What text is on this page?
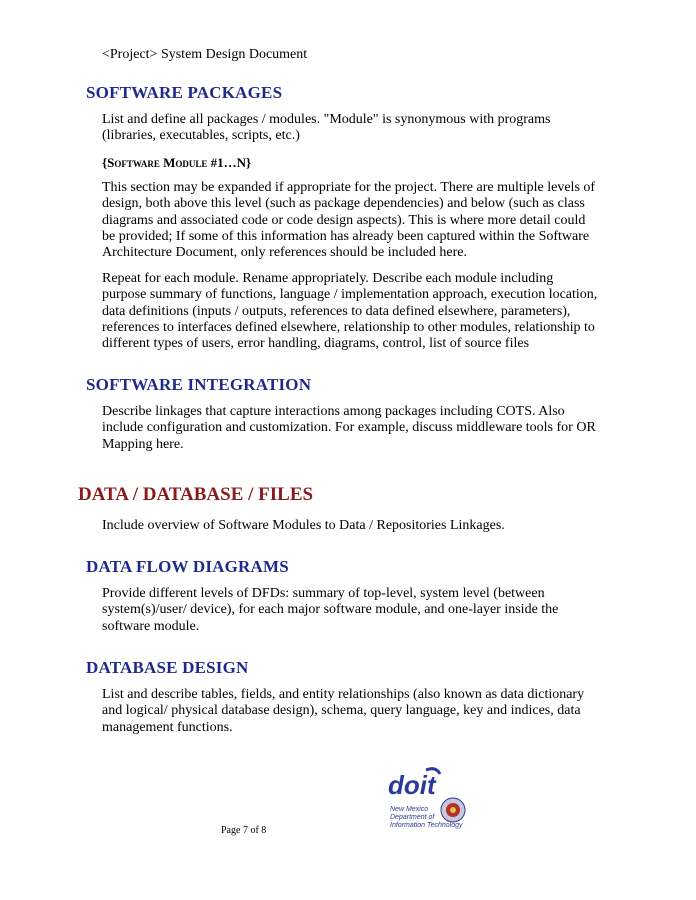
<Project> System Design Document
SOFTWARE PACKAGES

List and define all packages / modules. "Module" is synonymous with programs (libraries, executables, scripts, etc.)

{Software Module #1…N}

This section may be expanded if appropriate for the project. There are multiple levels of design, both above this level (such as package dependencies) and below (such as class diagrams and associated code or code design aspects). This is where more detail could be provided; If some of this information has already been captured within the Software Architecture Document, only references should be included here.

Repeat for each module. Rename appropriately. Describe each module including purpose summary of functions, language / implementation approach, execution location, data definitions (inputs / outputs, references to data defined elsewhere, parameters), references to interfaces defined elsewhere, relationship to other modules, relationship to different types of users, error handling, diagrams, control, list of source files

SOFTWARE INTEGRATION

Describe linkages that capture interactions among packages including COTS. Also include configuration and customization. For example, discuss middleware tools for OR Mapping here.

DATA / DATABASE / FILES

Include overview of Software Modules to Data / Repositories Linkages.

DATA FLOW DIAGRAMS

Provide different levels of DFDs: summary of top-level, system level (between system(s)/user/ device), for each major software module, and one-layer inside the software module.

DATABASE DESIGN

List and describe tables, fields, and entity relationships (also known as data dictionary and logical/ physical database design), schema, query language, key and indices, data management functions.

Page 7 of 8
doit
New Mexico
Department of
Information Technology
